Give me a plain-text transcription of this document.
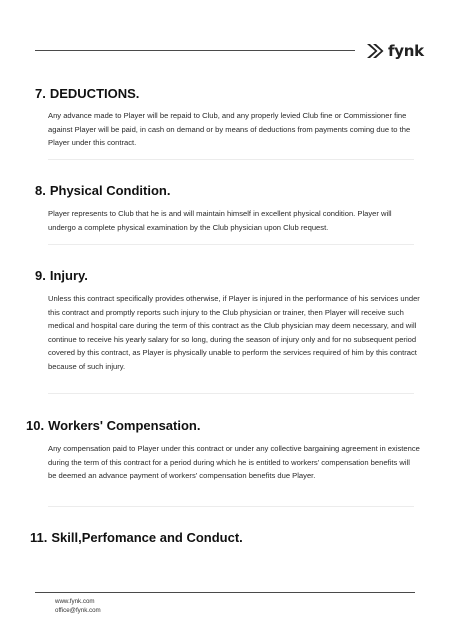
fynk
7. DEDUCTIONS.

Any advance made to Player will be repaid to Club, and any properly levied Club fine or Commissioner fine against Player will be paid, in cash on demand or by means of deductions from payments coming due to the Player under this contract.

8. Physical Condition.

Player represents to Club that he is and will maintain himself in excellent physical condition. Player will undergo a complete physical examination by the Club physician upon Club request.

9. Injury.

Unless this contract specifically provides otherwise, if Player is injured in the performance of his services under this contract and promptly reports such injury to the Club physician or trainer, then Player will receive such medical and hospital care during the term of this contract as the Club physician may deem necessary, and will continue to receive his yearly salary for so long, during the season of injury only and for no subsequent period covered by this contract, as Player is physically unable to perform the services required of him by this contract because of such injury.

10. Workers' Compensation.

Any compensation paid to Player under this contract or under any collective bargaining agreement in existence during the term of this contract for a period during which he is entitled to workers' compensation benefits will be deemed an advance payment of workers' compensation benefits due Player.

11. Skill,Perfomance and Conduct.
www.fynk.com
office@fynk.com
